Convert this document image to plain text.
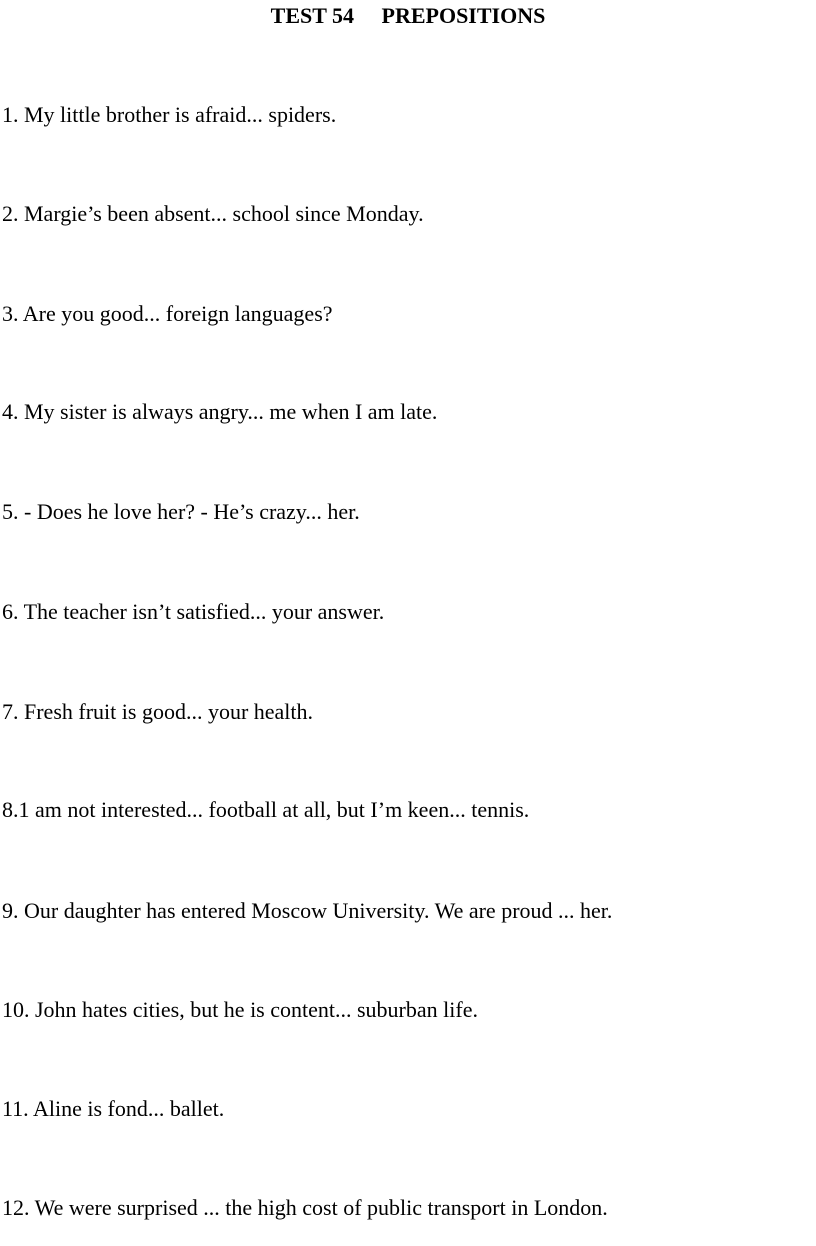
TEST 54     PREPOSITIONS
1. My little brother is afraid... spiders.
2. Margie’s been absent... school since Monday.
3. Are you good... foreign languages?
4. My sister is always angry... me when I am late.
5. - Does he love her? - He’s crazy... her.
6. The teacher isn’t satisfied... your answer.
7. Fresh fruit is good... your health.
8.1 am not interested... football at all, but I’m keen... tennis.
9. Our daughter has entered Moscow University. We are proud ... her.
10. John hates cities, but he is content... suburban life.
11. Aline is fond... ballet.
12. We were surprised ... the high cost of public transport in London.
